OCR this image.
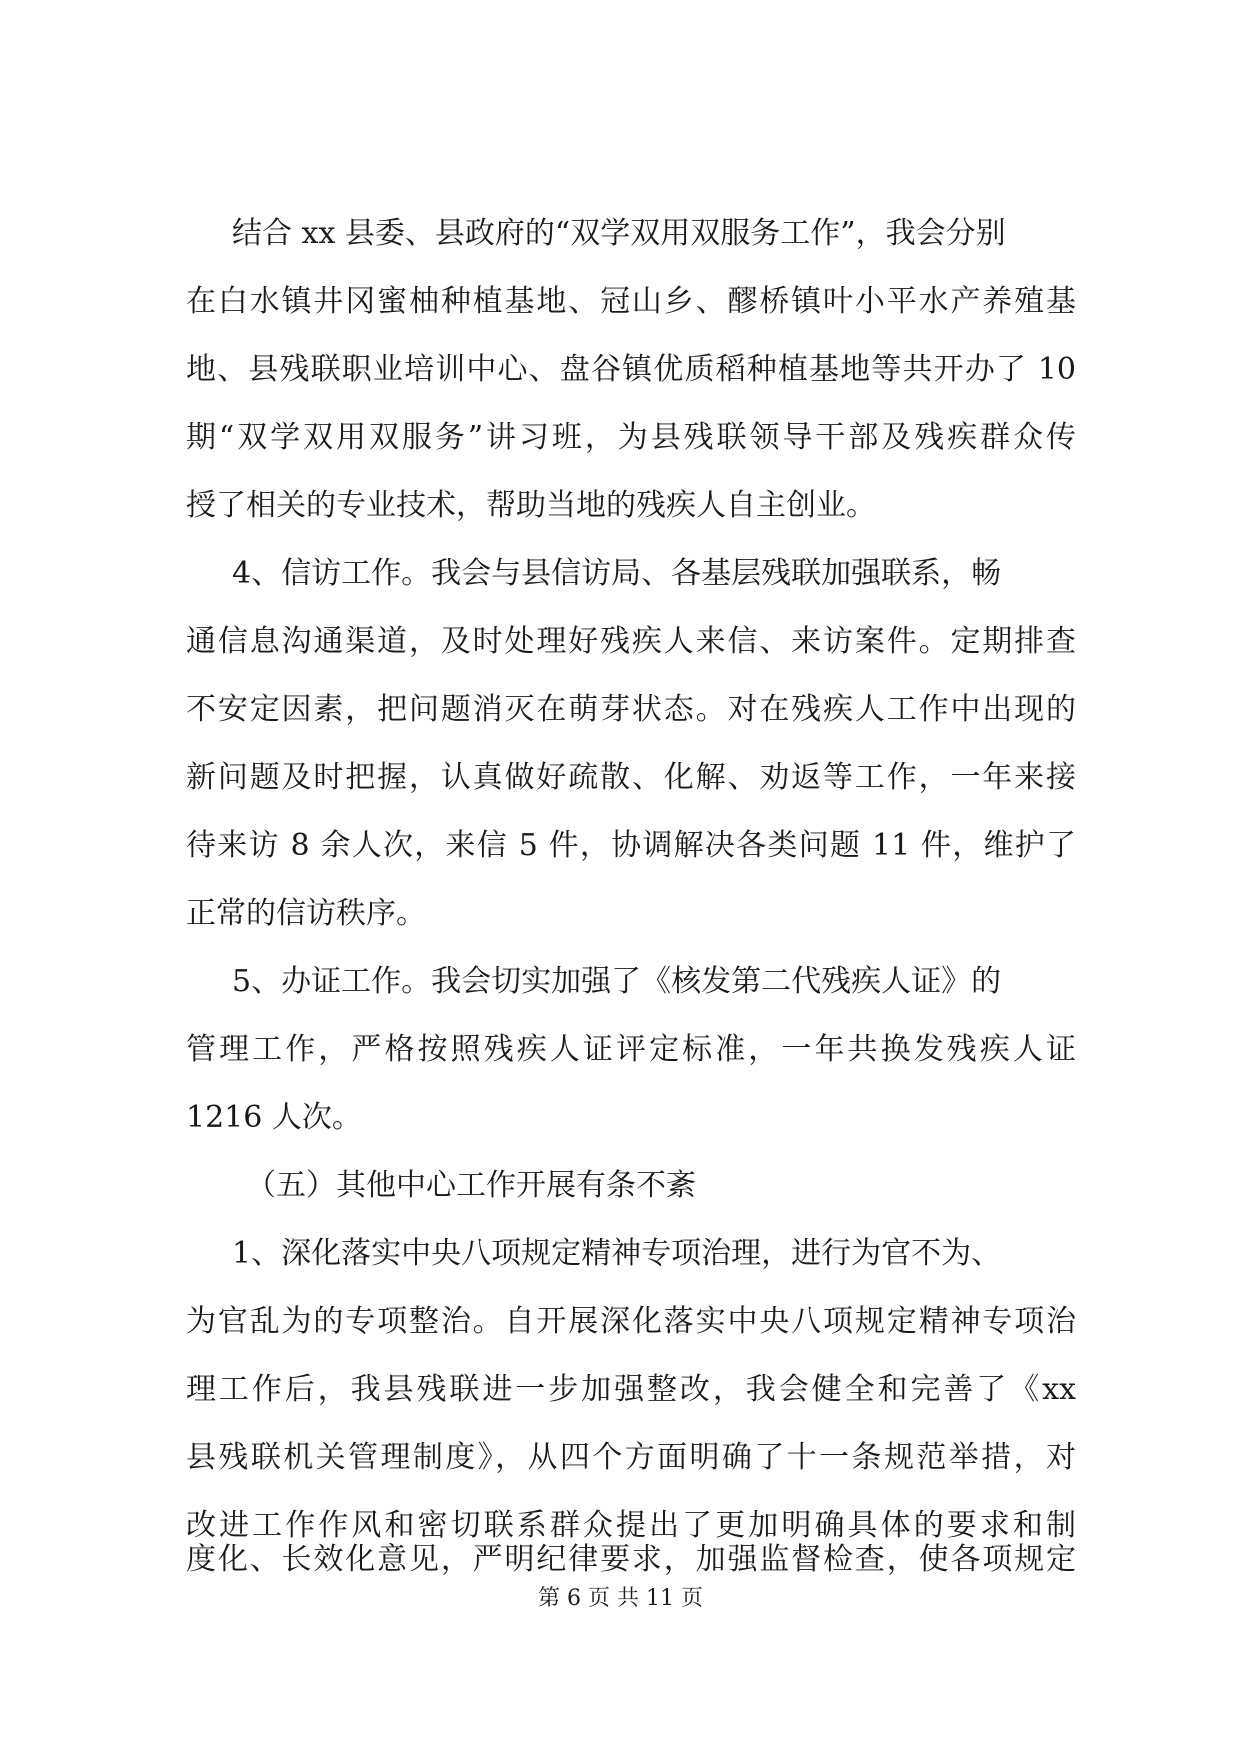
结合 xx 县委、县政府的“双学双用双服务工作”，我会分别
在白水镇井冈蜜柚种植基地、冠山乡、醪桥镇叶小平水产养殖基
地、县残联职业培训中心、盘谷镇优质稻种植基地等共开办了 10
期“双学双用双服务”讲习班，为县残联领导干部及残疾群众传
授了相关的专业技术，帮助当地的残疾人自主创业。
4、信访工作。我会与县信访局、各基层残联加强联系，畅
通信息沟通渠道，及时处理好残疾人来信、来访案件。定期排查
不安定因素，把问题消灭在萌芽状态。对在残疾人工作中出现的
新问题及时把握，认真做好疏散、化解、劝返等工作，一年来接
待来访 8 余人次，来信 5 件，协调解决各类问题 11 件，维护了
正常的信访秩序。
5、办证工作。我会切实加强了《核发第二代残疾人证》的
管理工作，严格按照残疾人证评定标准，一年共换发残疾人证
1216 人次。
（五）其他中心工作开展有条不紊
1、深化落实中央八项规定精神专项治理，进行为官不为、
为官乱为的专项整治。自开展深化落实中央八项规定精神专项治
理工作后，我县残联进一步加强整改，我会健全和完善了《xx
县残联机关管理制度》，从四个方面明确了十一条规范举措，对
改进工作作风和密切联系群众提出了更加明确具体的要求和制
第 6 页 共 11 页
度化、长效化意见，严明纪律要求，加强监督检查，使各项规定
